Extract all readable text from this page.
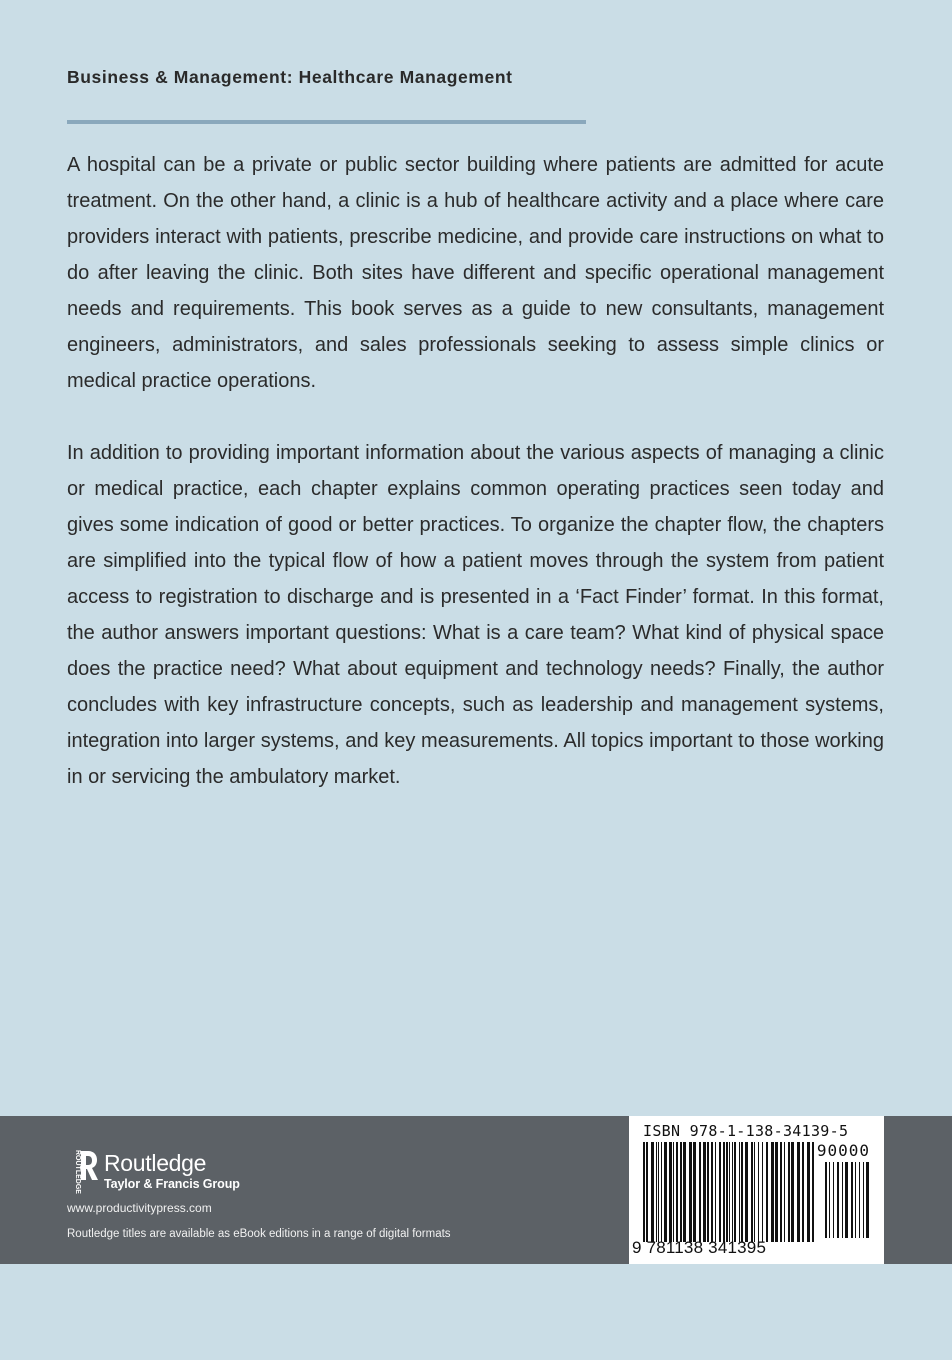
Business & Management: Healthcare Management

A hospital can be a private or public sector building where patients are admitted for acute treatment. On the other hand, a clinic is a hub of healthcare activity and a place where care providers interact with patients, prescribe medicine, and provide care instructions on what to do after leaving the clinic. Both sites have different and specific operational management needs and requirements. This book serves as a guide to new consultants, management engineers, administrators, and sales professionals seeking to assess simple clinics or medical practice operations.

In addition to providing important information about the various aspects of managing a clinic or medical practice, each chapter explains common operating practices seen today and gives some indication of good or better practices. To organize the chapter flow, the chapters are simplified into the typical flow of how a patient moves through the system from patient access to registration to discharge and is presented in a ‘Fact Finder’ format. In this format, the author answers important questions: What is a care team? What kind of physical space does the practice need? What about equipment and technology needs? Finally, the author concludes with key infrastructure concepts, such as leadership and management systems, integration into larger systems, and key measurements. All topics important to those working in or servicing the ambulatory market.

ROUTLEDGE Routledge
Taylor & Francis Group
www.productivitypress.com
Routledge titles are available as eBook editions in a range of digital formats
ISBN 978-1-138-34139-5
90000
9 781138 341395
